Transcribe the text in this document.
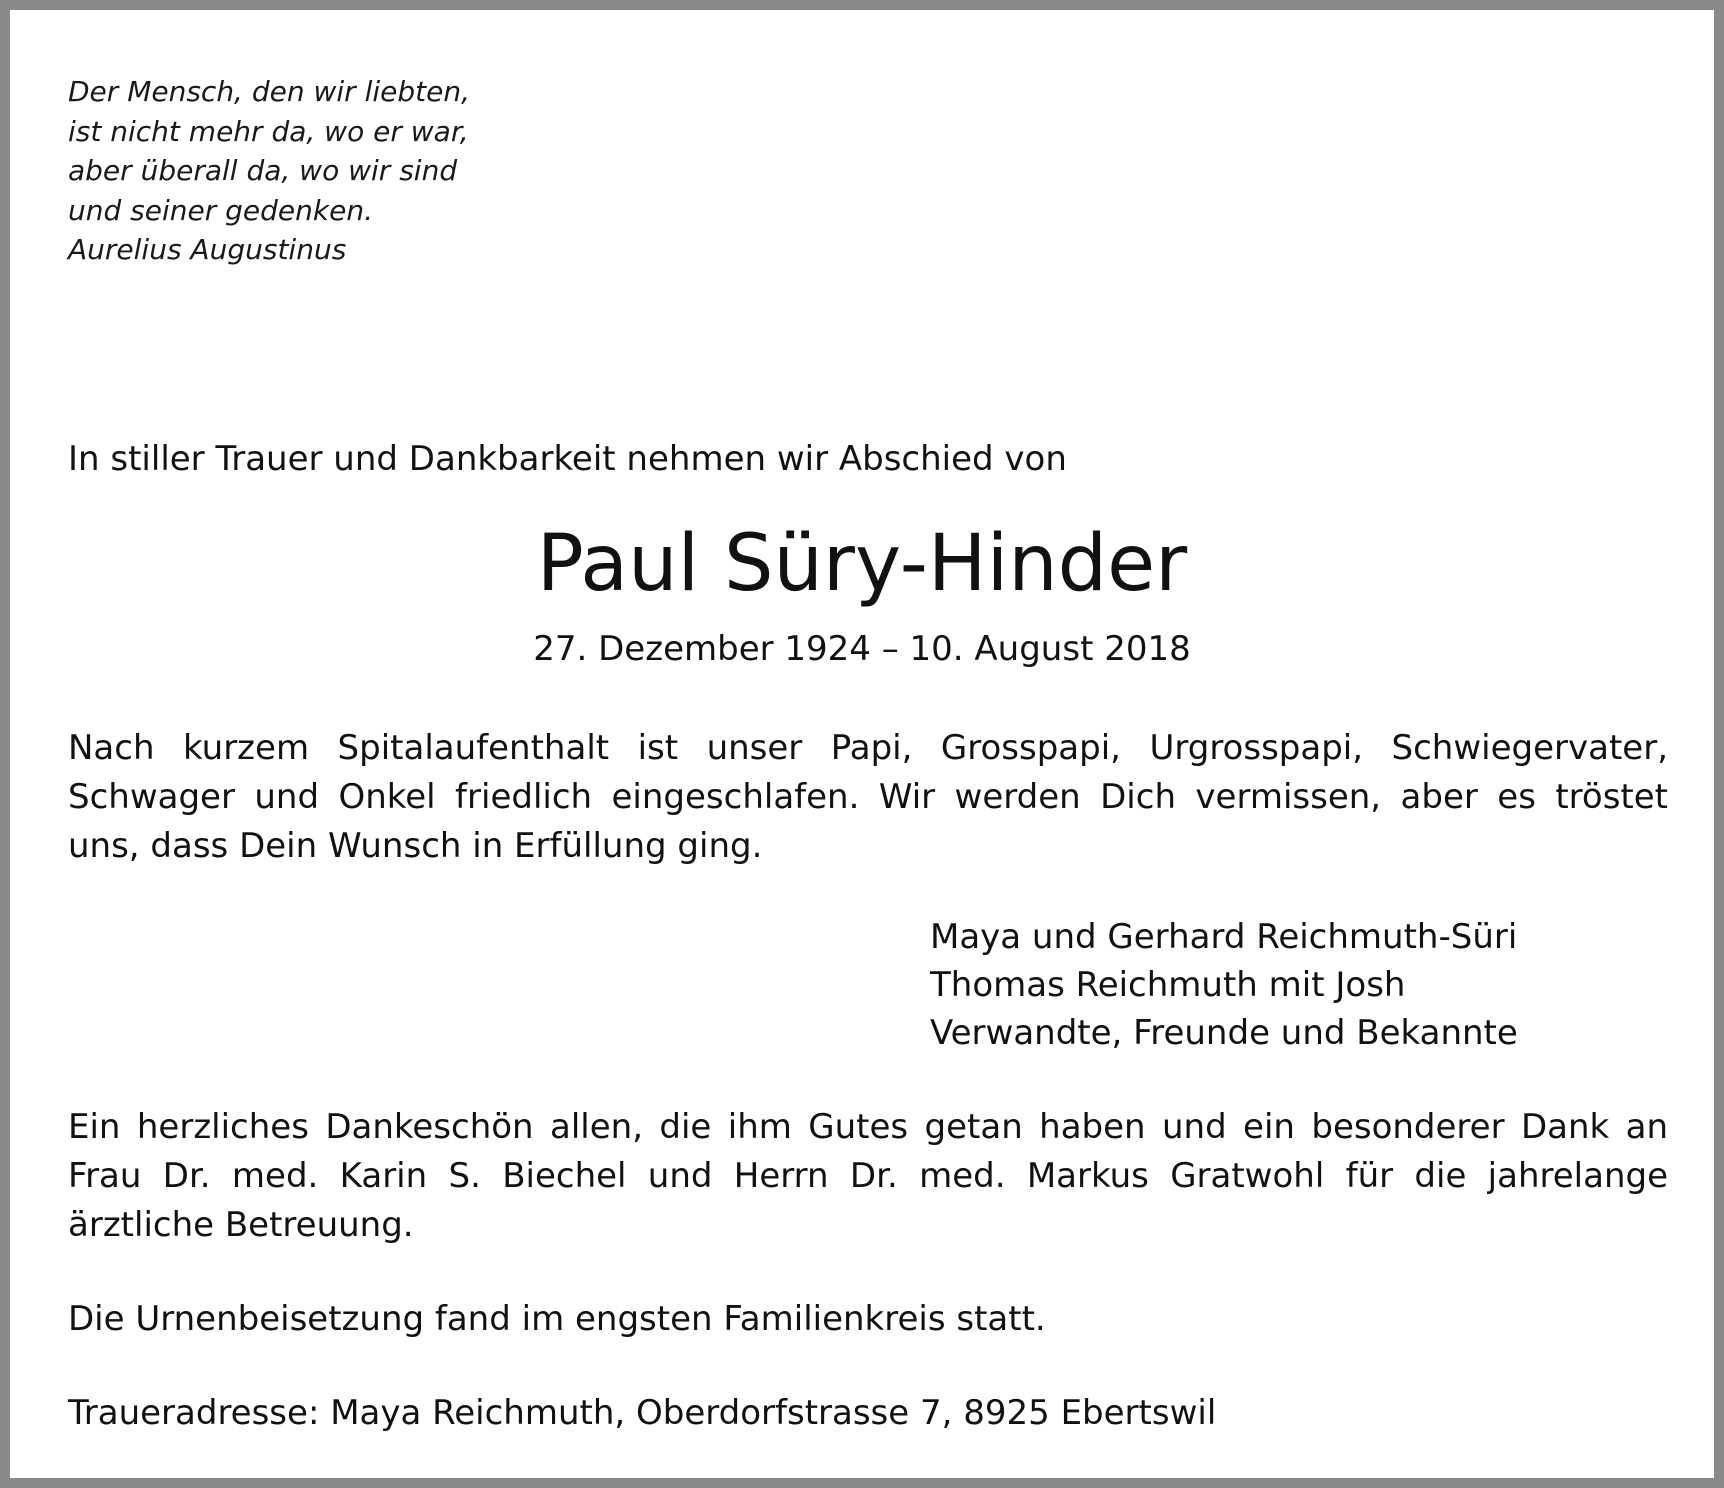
Der Mensch, den wir liebten,
ist nicht mehr da, wo er war,
aber überall da, wo wir sind
und seiner gedenken.
Aurelius Augustinus
In stiller Trauer und Dankbarkeit nehmen wir Abschied von
Paul Süry-Hinder
27. Dezember 1924 – 10. August 2018
Nach kurzem Spitalaufenthalt ist unser Papi, Grosspapi, Urgrosspapi, Schwiegervater,
Schwager und Onkel friedlich eingeschlafen. Wir werden Dich vermissen, aber es tröstet
uns, dass Dein Wunsch in Erfüllung ging.
Maya und Gerhard Reichmuth-Süri
Thomas Reichmuth mit Josh
Verwandte, Freunde und Bekannte
Ein herzliches Dankeschön allen, die ihm Gutes getan haben und ein besonderer Dank an
Frau Dr. med. Karin S. Biechel und Herrn Dr. med. Markus Gratwohl für die jahrelange
ärztliche Betreuung.
Die Urnenbeisetzung fand im engsten Familienkreis statt.
Traueradresse: Maya Reichmuth, Oberdorfstrasse 7, 8925 Ebertswil
